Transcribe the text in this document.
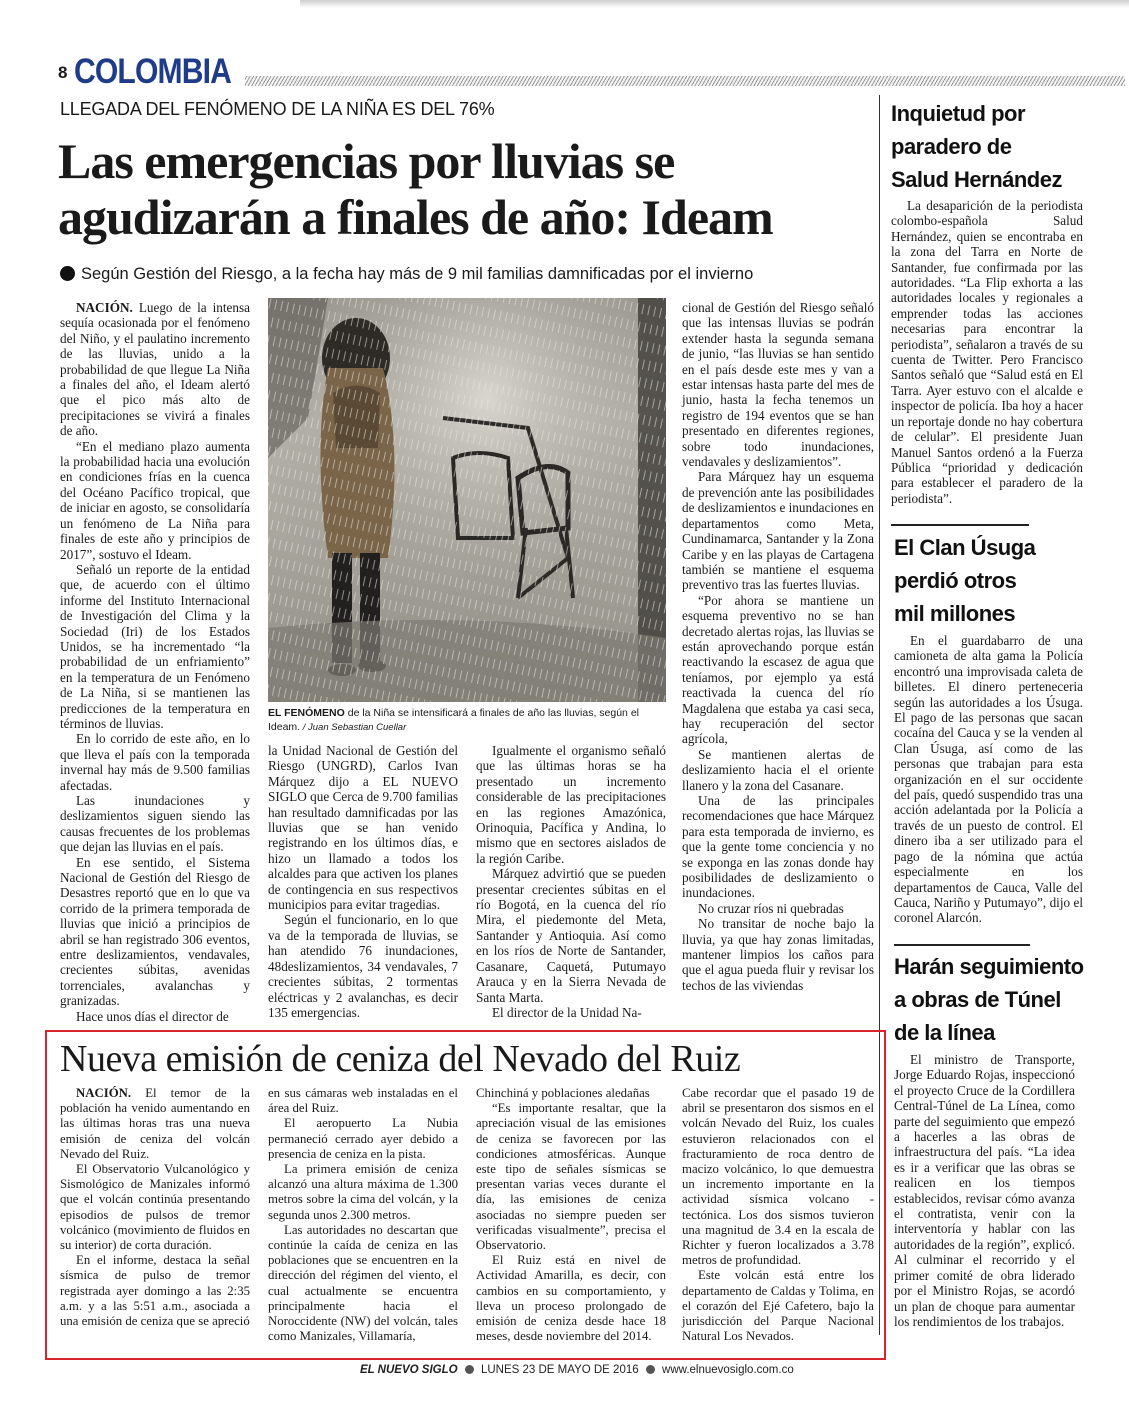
8 COLOMBIA
LLEGADA DEL FENÓMENO DE LA NIÑA ES DEL 76%
Las emergencias por lluvias se
agudizarán a finales de año: Ideam
Según Gestión del Riesgo, a la fecha hay más de 9 mil familias damnificadas por el invierno
EL FENÓMENO de la Niña se intensificará a finales de año las lluvias, según el Ideam. / Juan Sebastian Cuellar

NACIÓN. Luego de la intensa sequía ocasionada por el fenómeno del Niño, y el paulatino incremento de las lluvias, unido a la probabilidad de que llegue La Niña a finales del año, el Ideam alertó que el pico más alto de precipitaciones se vivirá a finales de año.

“En el mediano plazo aumenta la probabilidad hacia una evolución en condiciones frías en la cuenca del Océano Pacífico tropical, que de iniciar en agosto, se consolidaría un fenómeno de La Niña para finales de este año y principios de 2017”, sostuvo el Ideam.

Señaló un reporte de la entidad que, de acuerdo con el último informe del Instituto Internacional de Investigación del Clima y la Sociedad (Iri) de los Estados Unidos, se ha incrementado “la probabilidad de un enfriamiento” en la temperatura de un Fenómeno de La Niña, si se mantienen las predicciones de la temperatura en términos de lluvias.

En lo corrido de este año, en lo que lleva el país con la temporada invernal hay más de 9.500 familias afectadas.

Las inundaciones y deslizamientos siguen siendo las causas frecuentes de los problemas que dejan las lluvias en el país.

En ese sentido, el Sistema Nacional de Gestión del Riesgo de Desastres reportó que en lo que va corrido de la primera temporada de lluvias que inició a principios de abril se han registrado 306 eventos, entre deslizamientos, vendavales, crecientes súbitas, avenidas torrenciales, avalanchas y granizadas.

Hace unos días el director de

la Unidad Nacional de Gestión del Riesgo (UNGRD), Carlos Ivan Márquez dijo a EL NUEVO SIGLO que Cerca de 9.700 familias han resultado damnificadas por las lluvias que se han venido registrando en los últimos días, e hizo un llamado a todos los alcaldes para que activen los planes de contingencia en sus respectivos municipios para evitar tragedias.

Según el funcionario, en lo que va de la temporada de lluvias, se han atendido 76 inundaciones, 48deslizamientos, 34 vendavales, 7 crecientes súbitas, 2 tormentas eléctricas y 2 avalanchas, es decir 135 emergencias.

Igualmente el organismo señaló que las últimas horas se ha presentado un incremento considerable de las precipitaciones en las regiones Amazónica, Orinoquia, Pacífica y Andina, lo mismo que en sectores aislados de la región Caribe.

Márquez advirtió que se pueden presentar crecientes súbitas en el río Bogotá, en la cuenca del río Mira, el piedemonte del Meta, Santander y Antioquia. Así como en los ríos de Norte de Santander, Casanare, Caquetá, Putumayo Arauca y en la Sierra Nevada de Santa Marta.

El director de la Unidad Na-

cional de Gestión del Riesgo señaló que las intensas lluvias se podrán extender hasta la segunda semana de junio, “las lluvias se han sentido en el país desde este mes y van a estar intensas hasta parte del mes de junio, hasta la fecha tenemos un registro de 194 eventos que se han presentado en diferentes regiones, sobre todo inundaciones, vendavales y deslizamientos”.

Para Márquez hay un esquema de prevención ante las posibilidades de deslizamientos e inundaciones en departamentos como Meta, Cundinamarca, Santander y la Zona Caribe y en las playas de Cartagena también se mantiene el esquema preventivo tras las fuertes lluvias.

“Por ahora se mantiene un esquema preventivo no se han decretado alertas rojas, las lluvias se están aprovechando porque están reactivando la escasez de agua que teníamos, por ejemplo ya está reactivada la cuenca del río Magdalena que estaba ya casi seca, hay recuperación del sector agrícola,

Se mantienen alertas de deslizamiento hacia el el oriente llanero y la zona del Casanare.

Una de las principales recomendaciones que hace Márquez para esta temporada de invierno, es que la gente tome conciencia y no se exponga en las zonas donde hay posibilidades de deslizamiento o inundaciones.

No cruzar ríos ni quebradas

No transitar de noche bajo la lluvia, ya que hay zonas limitadas, mantener limpios los caños para que el agua pueda fluir y revisar los techos de las viviendas

Inquietud por
paradero de
Salud Hernández

La desaparición de la periodista colombo-española Salud Hernández, quien se encontraba en la zona del Tarra en Norte de Santander, fue confirmada por las autoridades. “La Flip exhorta a las autoridades locales y regionales a emprender todas las acciones necesarias para encontrar la periodista”, señalaron a través de su cuenta de Twitter. Pero Francisco Santos señaló que “Salud está en El Tarra. Ayer estuvo con el alcalde e inspector de policía. Iba hoy a hacer un reportaje donde no hay cobertura de celular”. El presidente Juan Manuel Santos ordenó a la Fuerza Pública “prioridad y dedicación para establecer el paradero de la periodista”.

El Clan Úsuga
perdió otros
mil millones

En el guardabarro de una camioneta de alta gama la Policía encontró una improvisada caleta de billetes. El dinero perteneceria según las autoridades a los Úsuga. El pago de las personas que sacan cocaína del Cauca y se la venden al Clan Úsuga, así como de las personas que trabajan para esta organización en el sur occidente del país, quedó suspendido tras una acción adelantada por la Policía a través de un puesto de control. El dinero iba a ser utilizado para el pago de la nómina que actúa especialmente en los departamentos de Cauca, Valle del Cauca, Nariño y Putumayo”, dijo el coronel Alarcón.

Harán seguimiento
a obras de Túnel
de la línea

El ministro de Transporte, Jorge Eduardo Rojas, inspeccionó el proyecto Cruce de la Cordillera Central-Túnel de La Línea, como parte del seguimiento que empezó a hacerles a las obras de infraestructura del país. “La idea es ir a verificar que las obras se realicen en los tiempos establecidos, revisar cómo avanza el contratista, venir con la interventoría y hablar con las autoridades de la región”, explicó. Al culminar el recorrido y el primer comité de obra liderado por el Ministro Rojas, se acordó un plan de choque para aumentar los rendimientos de los trabajos.

Nueva emisión de ceniza del Nevado del Ruiz

NACIÓN. El temor de la población ha venido aumentando en las últimas horas tras una nueva emisión de ceniza del volcán Nevado del Ruiz.

El Observatorio Vulcanológico y Sismológico de Manizales informó que el volcán continúa presentando episodios de pulsos de tremor volcánico (movimiento de fluidos en su interior) de corta duración.

En el informe, destaca la señal sísmica de pulso de tremor registrada ayer domingo a las 2:35 a.m. y a las 5:51 a.m., asociada a una emisión de ceniza que se apreció

en sus cámaras web instaladas en el área del Ruiz.

El aeropuerto La Nubia permaneció cerrado ayer debido a presencia de ceniza en la pista.

La primera emisión de ceniza alcanzó una altura máxima de 1.300 metros sobre la cima del volcán, y la segunda unos 2.300 metros.

Las autoridades no descartan que continúe la caída de ceniza en las poblaciones que se encuentren en la dirección del régimen del viento, el cual actualmente se encuentra principalmente hacia el Noroccidente (NW) del volcán, tales como Manizales, Villamaría,

Chinchiná y poblaciones aledañas

“Es importante resaltar, que la apreciación visual de las emisiones de ceniza se favorecen por las condiciones atmosféricas. Aunque este tipo de señales sísmicas se presentan varias veces durante el día, las emisiones de ceniza asociadas no siempre pueden ser verificadas visualmente”, precisa el Observatorio.

El Ruiz está en nivel de Actividad Amarilla, es decir, con cambios en su comportamiento, y lleva un proceso prolongado de emisión de ceniza desde hace 18 meses, desde noviembre del 2014.

Cabe recordar que el pasado 19 de abril se presentaron dos sismos en el volcán Nevado del Ruiz, los cuales estuvieron relacionados con el fracturamiento de roca dentro de macizo volcánico, lo que demuestra un incremento importante en la actividad sísmica volcano - tectónica. Los dos sismos tuvieron una magnitud de 3.4 en la escala de Richter y fueron localizados a 3.78 metros de profundidad.

Este volcán está entre los departamento de Caldas y Tolima, en el corazón del Ejé Cafetero, bajo la jurisdicción del Parque Nacional Natural Los Nevados.

EL NUEVO SIGLO LUNES 23 DE MAYO DE 2016 www.elnuevosiglo.com.co
